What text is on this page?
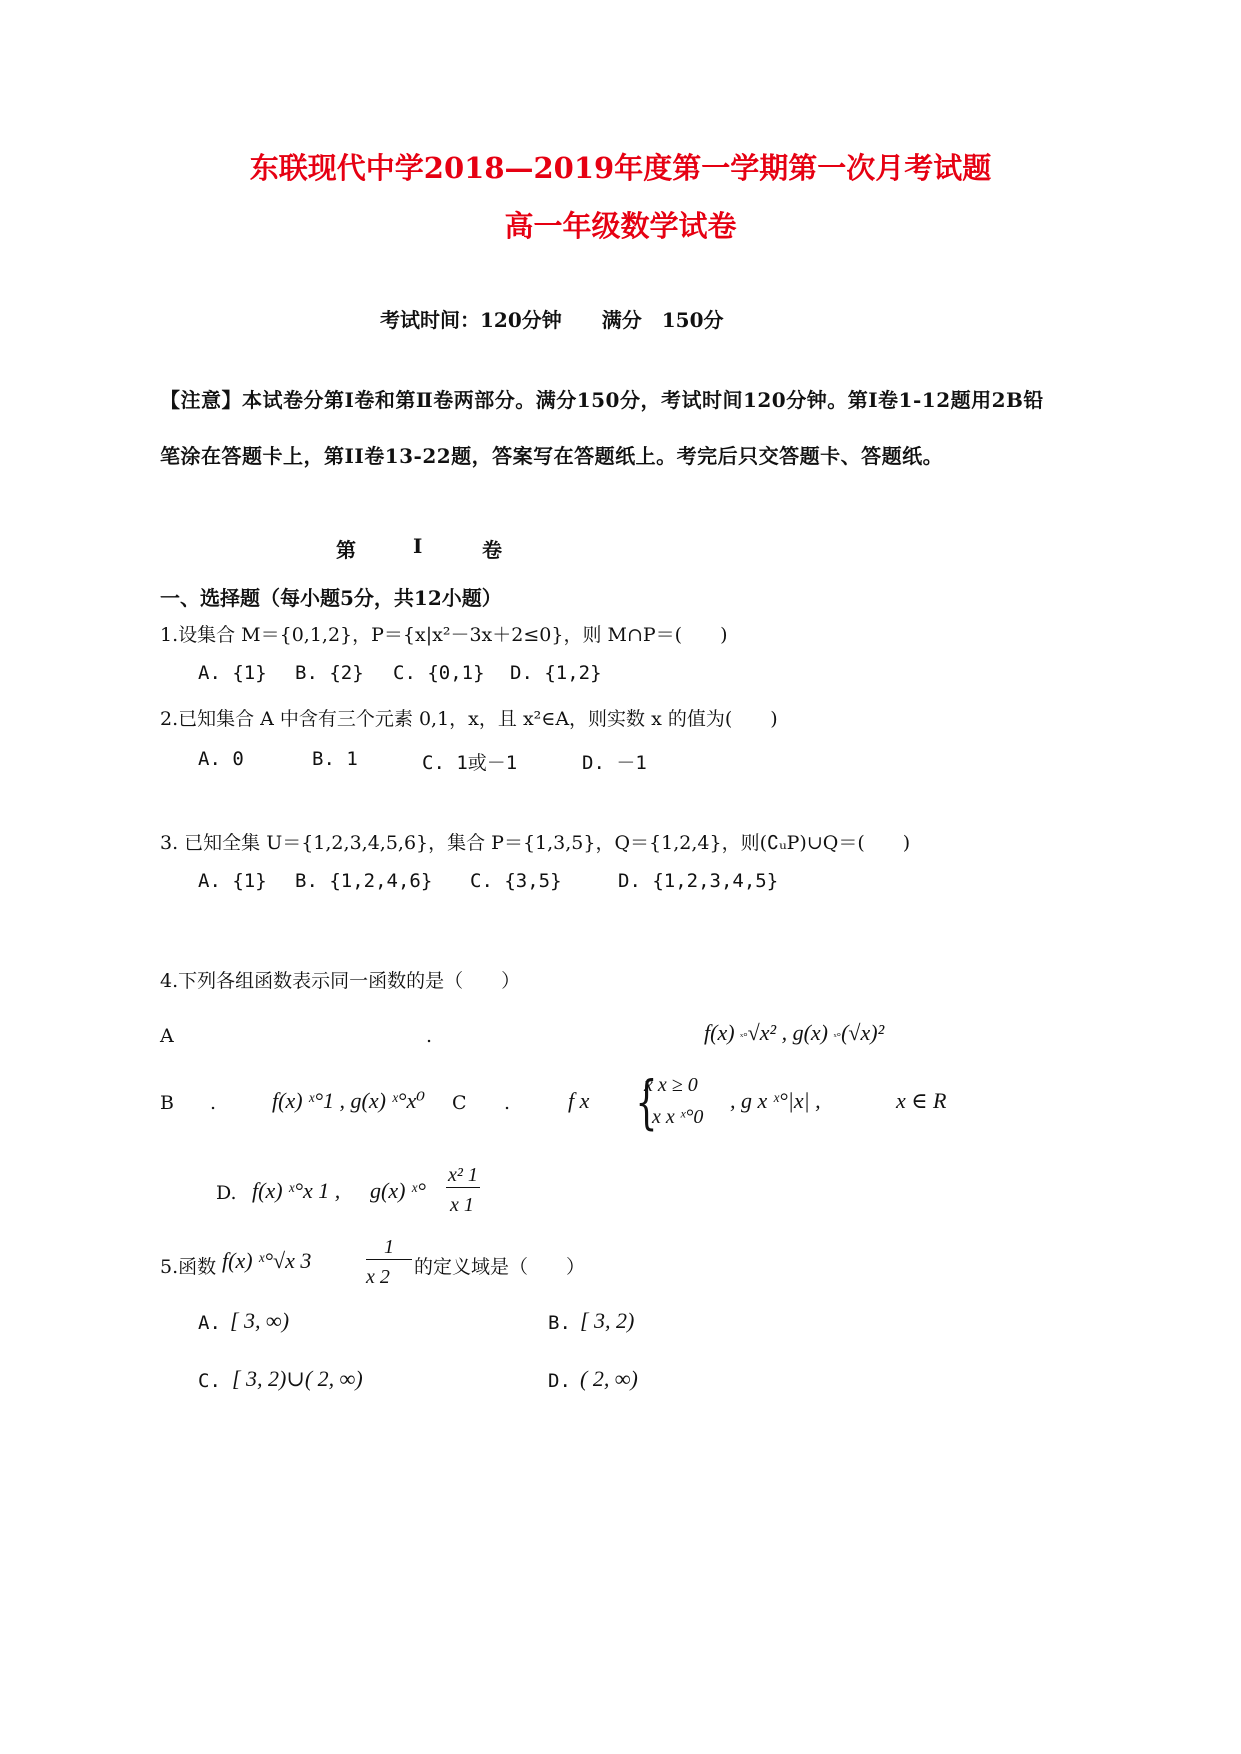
东联现代中学2018—2019年度第一学期第一次月考试题
高一年级数学试卷
考试时间：120分钟　　满分　150分
【注意】本试卷分第Ⅰ卷和第Ⅱ卷两部分。满分150分，考试时间120分钟。第Ⅰ卷1-12题用2B铅笔涂在答题卡上，第II卷13-22题，答案写在答题纸上。考完后只交答题卡、答题纸。
第	I	卷
一、选择题（每小题5分，共12小题）
1.设集合 M＝{0,1,2}，P＝{x|x²－3x＋2≤0}，则 M∩P＝(　　)
A. {1} B. {2} C. {0,1} D. {1,2}
2.已知集合 A 中含有三个元素 0,1，x，且 x²∈A，则实数 x 的值为(　　)
A. 0	B. 1	C. 1或－1	D. －1
3. 已知全集 U＝{1,2,3,4,5,6}，集合 P＝{1,3,5}，Q＝{1,2,4}，则(∁ᵤP)∪Q＝(　　)
A. {1} B. {1,2,4,6} C. {3,5}	D. {1,2,3,4,5}
4.下列各组函数表示同一函数的是（　　）
A	.	f(x) ˣ°√x² , g(x) ˣ°(√x)²
B .	f(x) ˣ°1 , g(x) ˣ°x⁰ C .	f x {
x x ≥ 0
x x ˣ°0
, g x ˣ°|x| ,	x ∈ R
D. f(x) ˣ°x 1 , g(x) ˣ°
x² 1
x 1
5.函数 f(x) ˣ°√x 3
1
x 2 的定义域是（　　）
A. [ 3, ∞)	B. [ 3, 2)
C. [ 3, 2)∪( 2, ∞)	D. ( 2, ∞)
